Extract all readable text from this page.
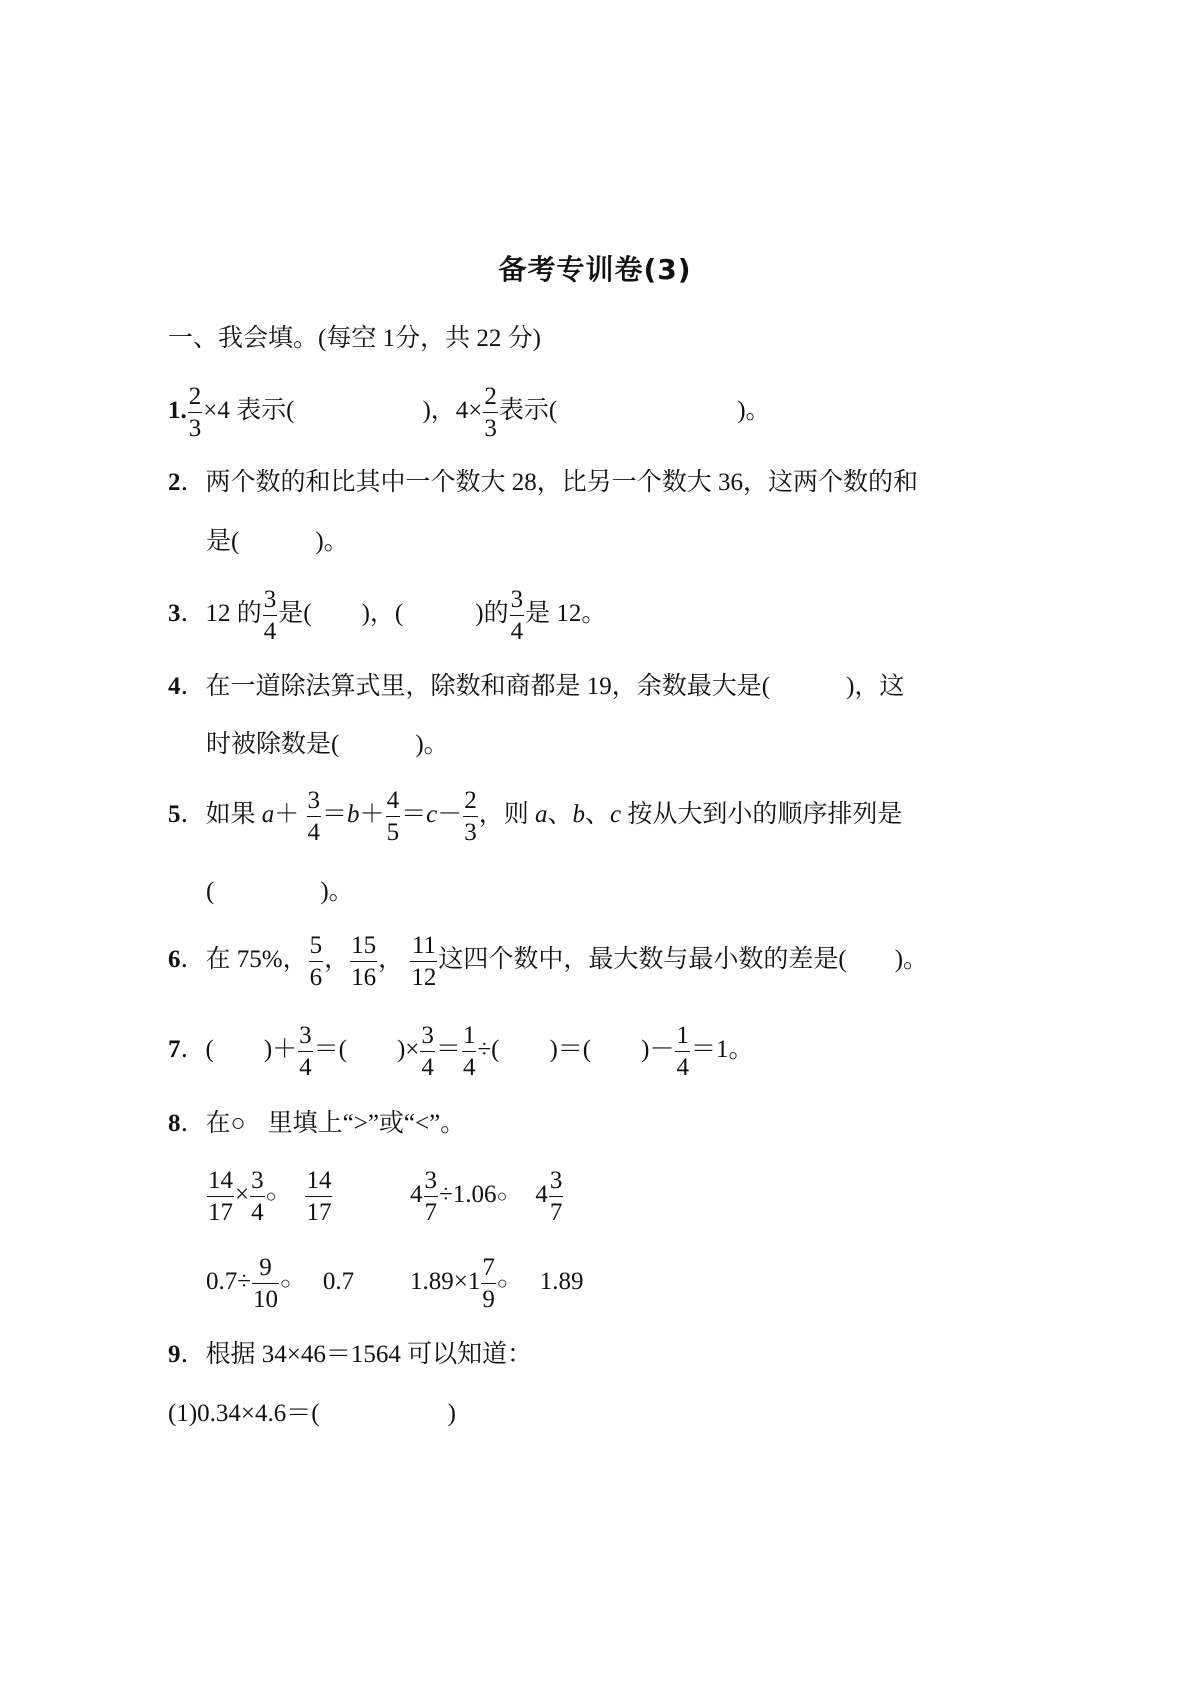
备考专训卷(3)
一、我会填。(每空 1分，共 22 分)
1. $\frac{2}{3} \times 4$ 表示(	)，$4\times \frac{2}{3}$ 表示(	)。
2．两个数的和比其中一个数大 28，比另一个数大 36，这两个数的和
是(	)。
3．12 的 $\frac{3}{4}$ 是( )，(	)的 $\frac{3}{4}$ 是 12。
4．在一道除法算式里，除数和商都是 19，余数最大是(	)，这
时被除数是(	)。
5．如果 $a+ \frac{3}{4} =b+ \frac{4}{5} =c- \frac{2}{3}$ ，则 a、b、c 按从大到小的顺序排列是
(	)。
6．在 75%， $\frac{5}{6}$ ， $\frac{15}{16}$ ， $\frac{11}{12}$ 这四个数中，最大数与最小数的差是( )。
7．( )＋ $\frac{3}{4}$ ＝( )× $\frac{3}{4} = \frac{1}{4}$ ÷( )＝( )－ $\frac{1}{4} =1$。
8．在○ 里填上“>”或“<”。
$\frac{14}{17} \times \frac{3}{4}$ ○ $\frac{14}{17}$	$4 \frac{3}{7}$ ÷1.06○ $4 \frac{3}{7}$
$0.7\div \frac{9}{10}$ ○ 0.7 $1.89\times 1 \frac{7}{9}$ ○ 1.89
9．根据 34×46＝1564 可以知道：
(1)0.34×4.6＝(	)
